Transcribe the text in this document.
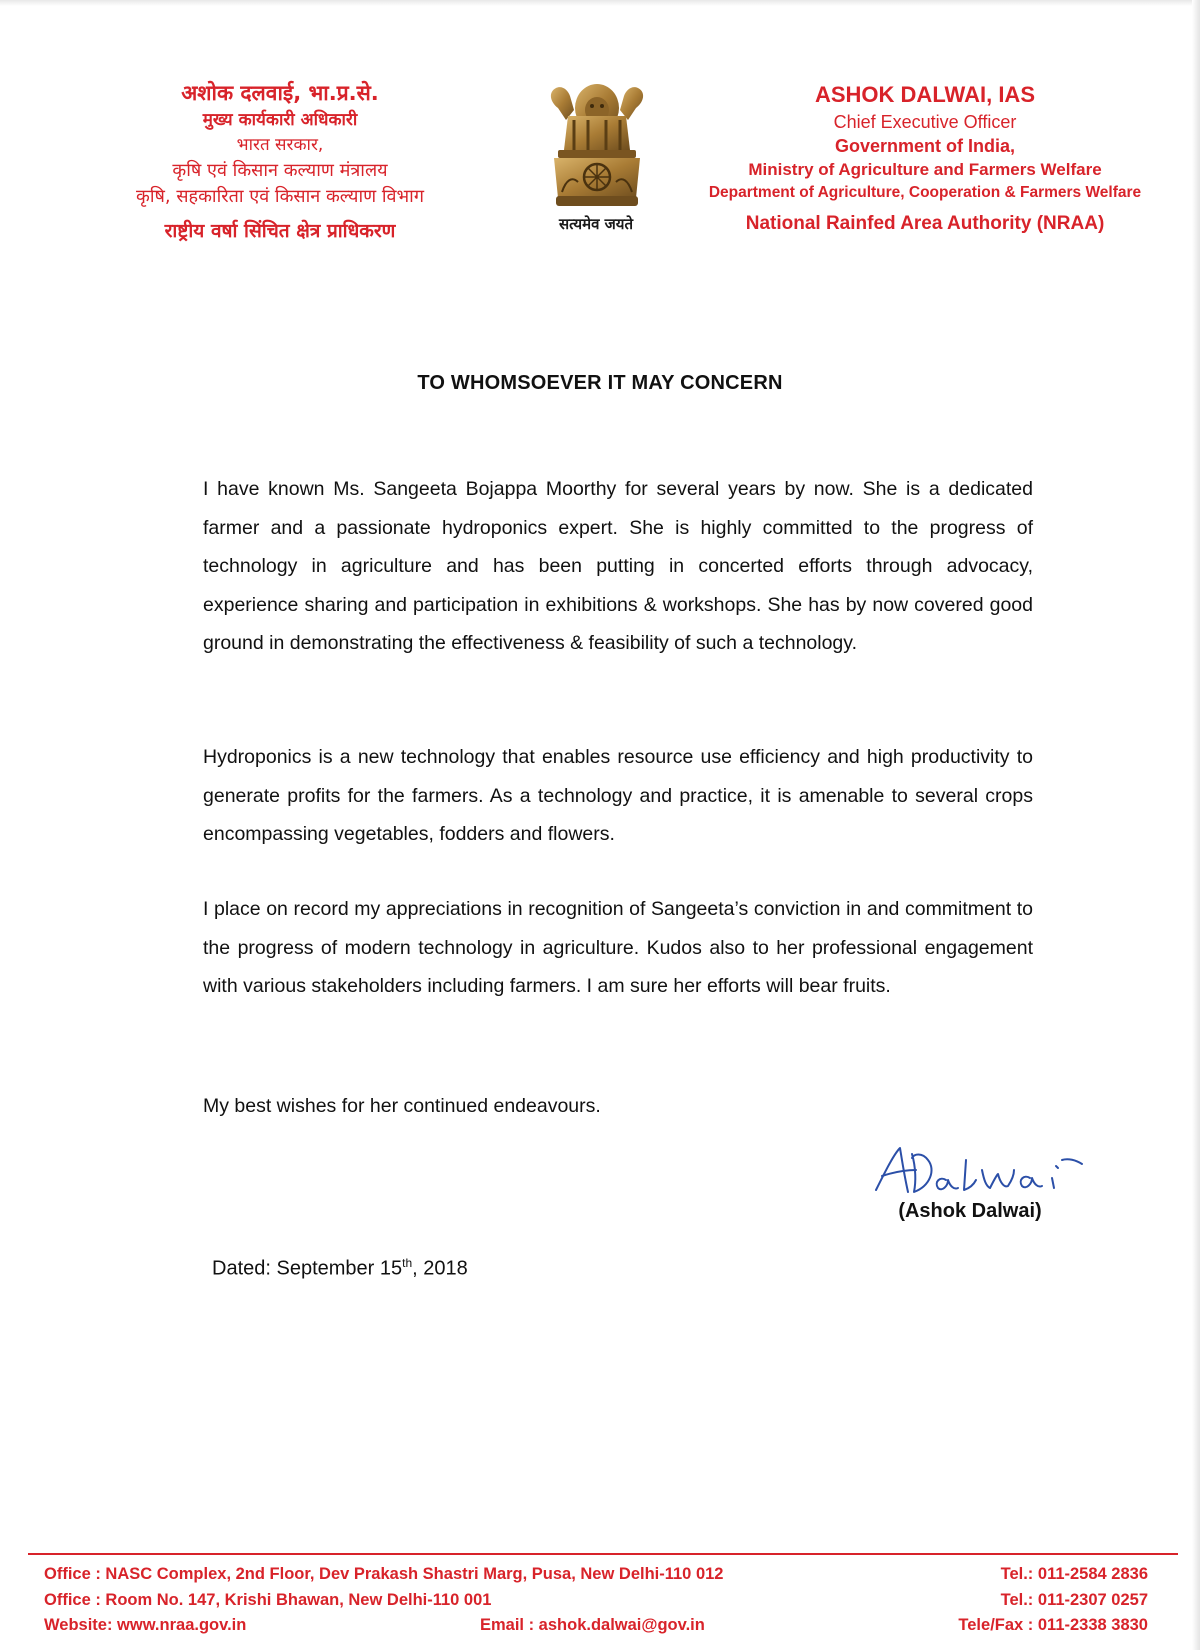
अशोक दलवाई, भा.प्र.से.
मुख्य कार्यकारी अधिकारी
भारत सरकार,
कृषि एवं किसान कल्याण मंत्रालय
कृषि, सहकारिता एवं किसान कल्याण विभाग
राष्ट्रीय वर्षा सिंचित क्षेत्र प्राधिकरण	सत्यमेव जयते
ASHOK DALWAI, IAS
Chief Executive Officer
Government of India,
Ministry of Agriculture and Farmers Welfare
Department of Agriculture, Cooperation & Farmers Welfare
National Rainfed Area Authority (NRAA)
TO WHOMSOEVER IT MAY CONCERN
I have known Ms. Sangeeta Bojappa Moorthy for several years by now. She is a dedicated farmer and a passionate hydroponics expert. She is highly committed to the progress of technology in agriculture and has been putting in concerted efforts through advocacy, experience sharing and participation in exhibitions & workshops. She has by now covered good ground in demonstrating the effectiveness & feasibility of such a technology.
Hydroponics is a new technology that enables resource use efficiency and high productivity to generate profits for the farmers. As a technology and practice, it is amenable to several crops encompassing vegetables, fodders and flowers.
I place on record my appreciations in recognition of Sangeeta’s conviction in and commitment to the progress of modern technology in agriculture. Kudos also to her professional engagement with various stakeholders including farmers. I am sure her efforts will bear fruits.
My best wishes for her continued endeavours.
(Ashok Dalwai)
Dated: September 15th, 2018
Office : NASC Complex, 2nd Floor, Dev Prakash Shastri Marg, Pusa, New Delhi-110 012
Office : Room No. 147, Krishi Bhawan, New Delhi-110 001
Website: www.nraa.gov.in	Email : ashok.dalwai@gov.in
Tel.: 011-2584 2836
Tel.: 011-2307 0257
Tele/Fax : 011-2338 3830
